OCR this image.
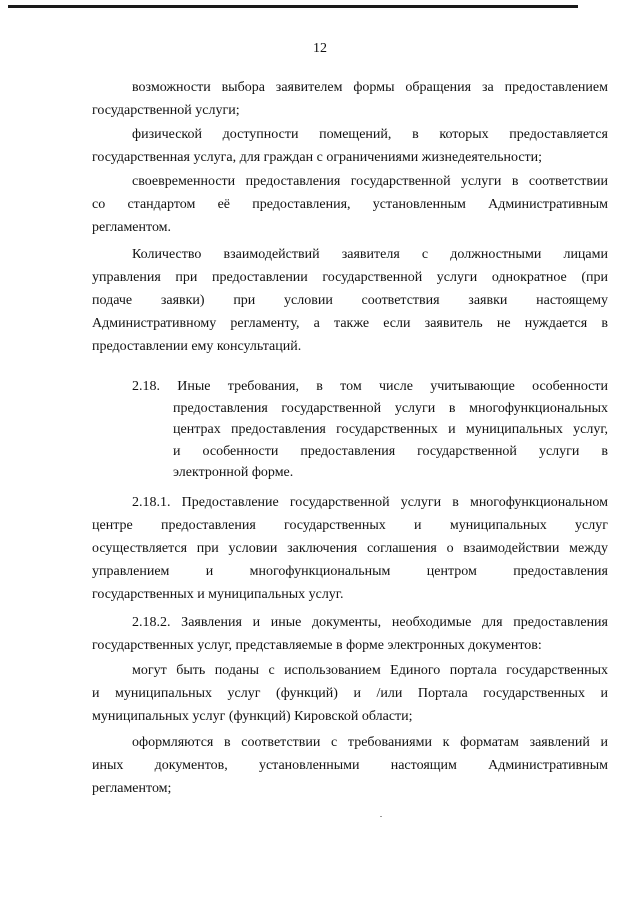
12

возможности выбора заявителем формы обращения за предоставлением
государственной услуги;

физической доступности помещений, в которых предоставляется
государственная услуга, для граждан с ограничениями жизнедеятельности;

своевременности предоставления государственной услуги в соответствии
со стандартом её предоставления, установленным Административным
регламентом.

Количество взаимодействий заявителя с должностными лицами
управления при предоставлении государственной услуги однократное (при
подаче заявки) при условии соответствия заявки настоящему
Административному регламенту, а также если заявитель не нуждается в
предоставлении ему консультаций.

2.18. Иные требования, в том числе учитывающие особенности
предоставления государственной услуги в многофункциональных
центрах предоставления государственных и муниципальных услуг,
и особенности предоставления государственной услуги в
электронной форме.

2.18.1. Предоставление государственной услуги в многофункциональном
центре предоставления государственных и муниципальных услуг
осуществляется при условии заключения соглашения о взаимодействии между
управлением и многофункциональным центром предоставления
государственных и муниципальных услуг.

2.18.2. Заявления и иные документы, необходимые для предоставления
государственных услуг, представляемые в форме электронных документов:

могут быть поданы с использованием Единого портала государственных
и муниципальных услуг (функций) и /или Портала государственных и
муниципальных услуг (функций) Кировской области;

оформляются в соответствии с требованиями к форматам заявлений и
иных документов, установленными настоящим Административным
регламентом;
